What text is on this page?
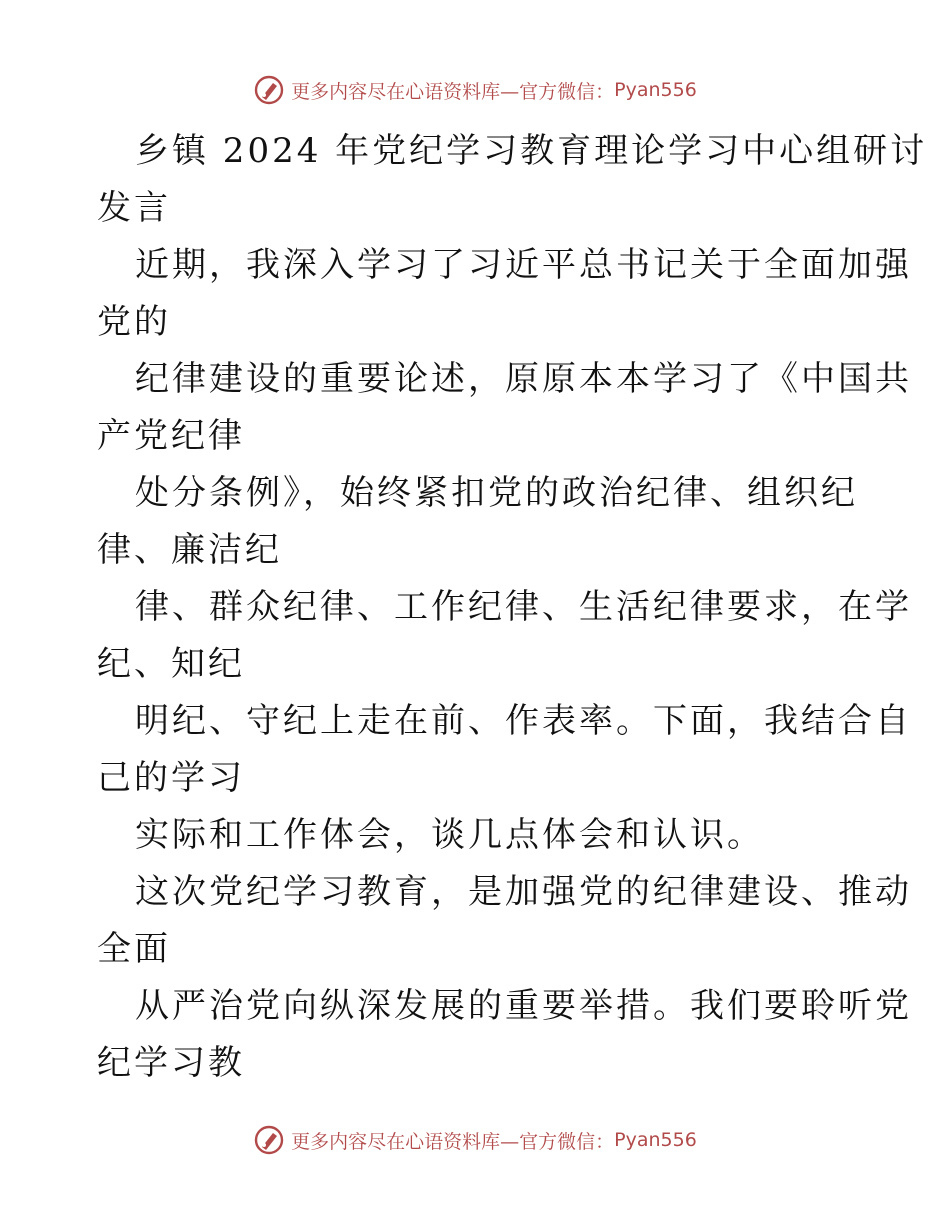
更多内容尽在心语资料库—官方微信： Pyan556

乡镇 2024 年党纪学习教育理论学习中心组研讨
发言

近期，我深入学习了习近平总书记关于全面加强
党的

纪律建设的重要论述，原原本本学习了《中国共
产党纪律

处分条例》，始终紧扣党的政治纪律、组织纪
律、廉洁纪

律、群众纪律、工作纪律、生活纪律要求，在学
纪、知纪

明纪、守纪上走在前、作表率。下面，我结合自
己的学习

实际和工作体会，谈几点体会和认识。

这次党纪学习教育，是加强党的纪律建设、推动
全面

从严治党向纵深发展的重要举措。我们要聆听党
纪学习教

更多内容尽在心语资料库—官方微信： Pyan556
